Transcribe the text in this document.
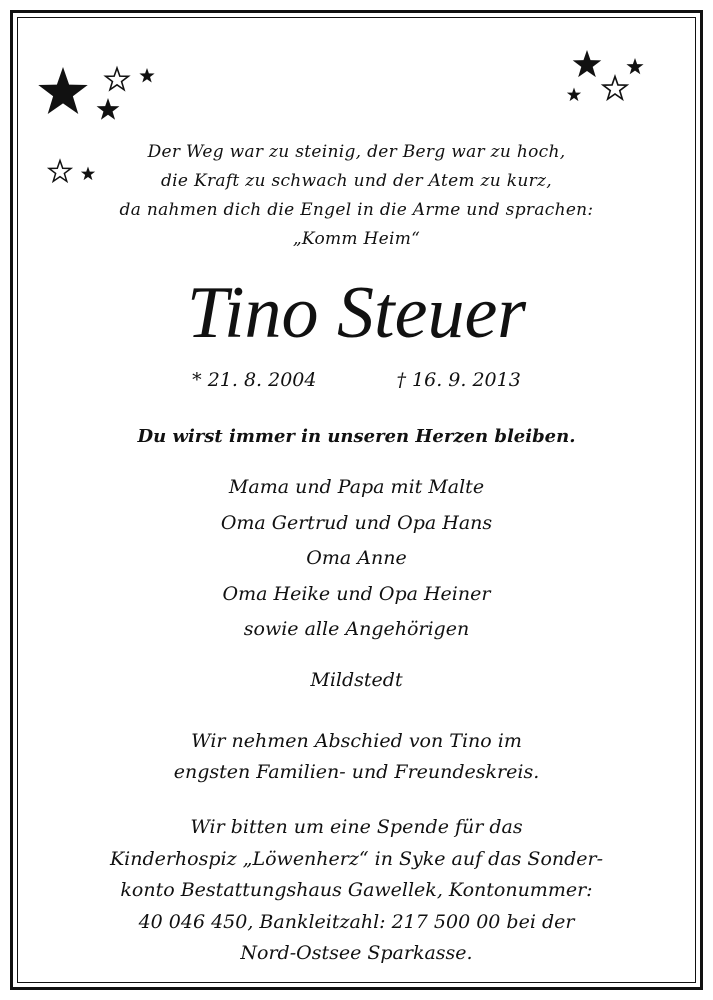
Der Weg war zu steinig, der Berg war zu hoch,
die Kraft zu schwach und der Atem zu kurz,
da nahmen dich die Engel in die Arme und sprachen:
„Komm Heim“
Tino Steuer
* 21. 8. 2004	† 16. 9. 2013
Du wirst immer in unseren Herzen bleiben.
Mama und Papa mit Malte
Oma Gertrud und Opa Hans
Oma Anne
Oma Heike und Opa Heiner
sowie alle Angehörigen
Mildstedt
Wir nehmen Abschied von Tino im
engsten Familien- und Freundeskreis.
Wir bitten um eine Spende für das
Kinderhospiz „Löwenherz“ in Syke auf das Sonder-
konto Bestattungshaus Gawellek, Kontonummer:
40 046 450, Bankleitzahl: 217 500 00 bei der
Nord-Ostsee Sparkasse.
